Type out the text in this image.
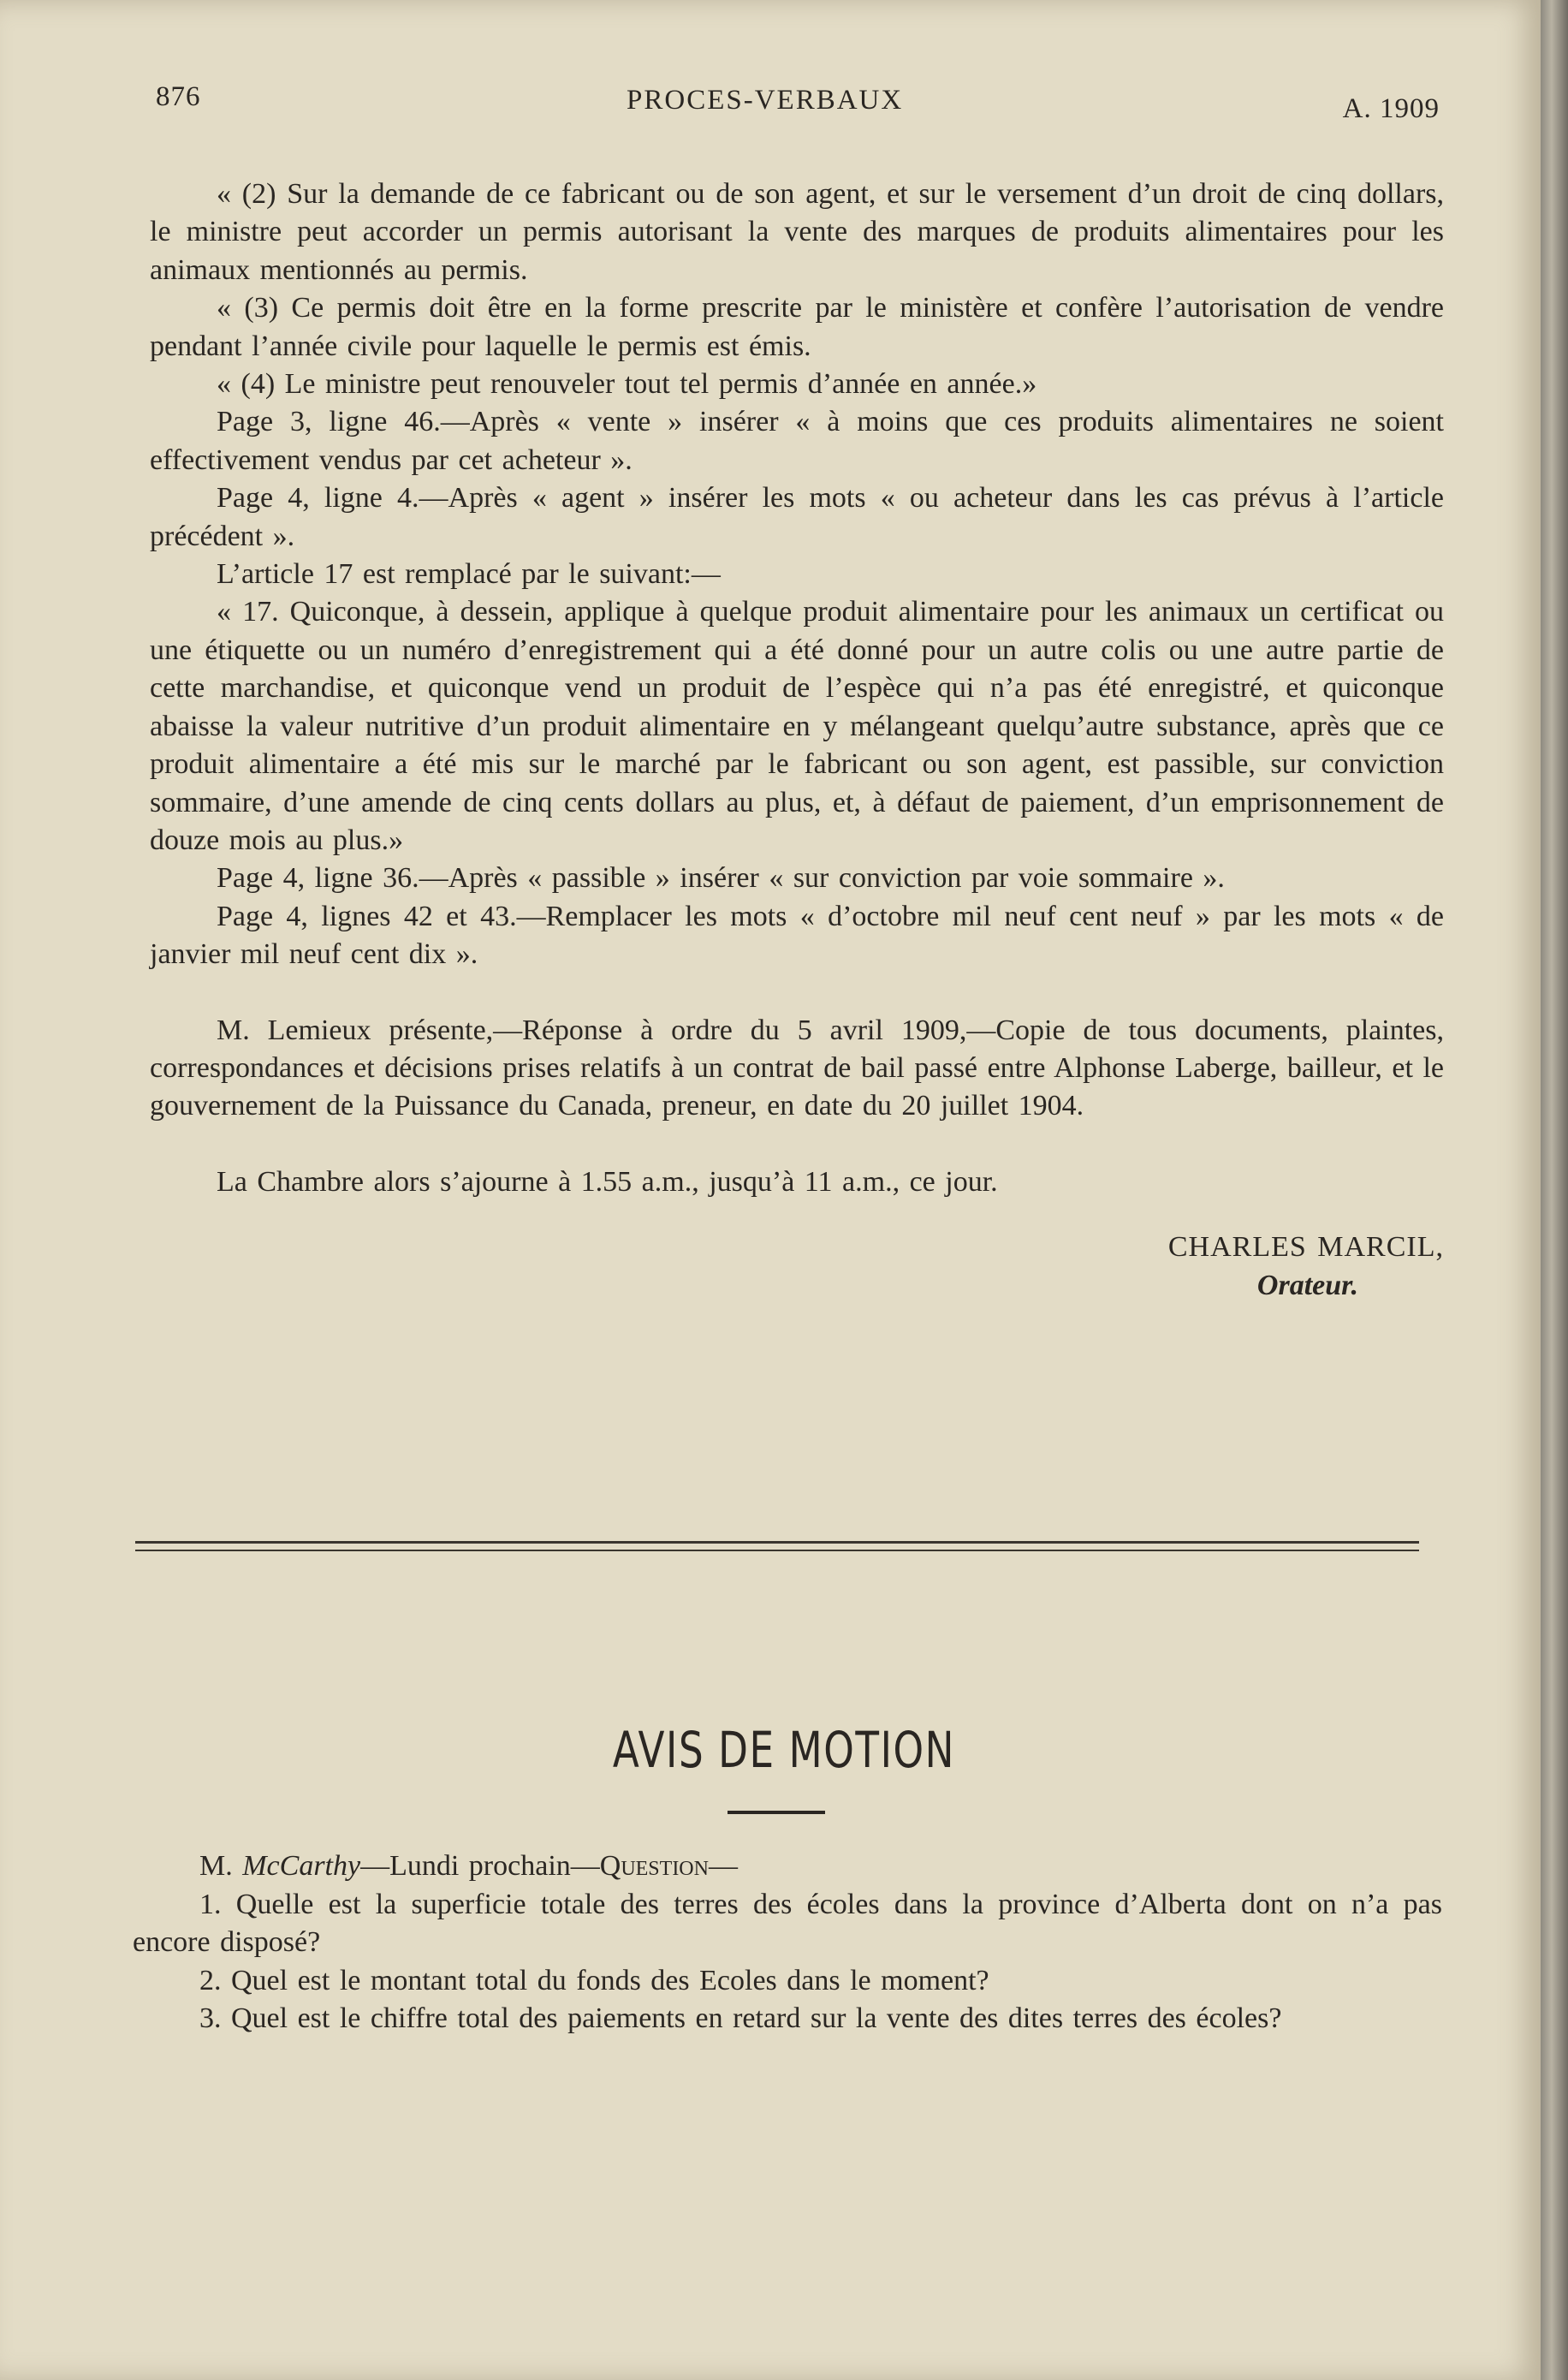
876	PROCES-VERBAUX	A. 1909

« (2) Sur la demande de ce fabricant ou de son agent, et sur le versement d’un droit de cinq dollars, le ministre peut accorder un permis autorisant la vente des marques de produits alimentaires pour les animaux mentionnés au permis.

« (3) Ce permis doit être en la forme prescrite par le ministère et confère l’autorisation de vendre pendant l’année civile pour laquelle le permis est émis.

« (4) Le ministre peut renouveler tout tel permis d’année en année.»

Page 3, ligne 46.—Après « vente » insérer « à moins que ces produits alimentaires ne soient effectivement vendus par cet acheteur ».

Page 4, ligne 4.—Après « agent » insérer les mots « ou acheteur dans les cas prévus à l’article précédent ».

L’article 17 est remplacé par le suivant:—

« 17. Quiconque, à dessein, applique à quelque produit alimentaire pour les animaux un certificat ou une étiquette ou un numéro d’enregistrement qui a été donné pour un autre colis ou une autre partie de cette marchandise, et quiconque vend un produit de l’espèce qui n’a pas été enregistré, et quiconque abaisse la valeur nutritive d’un produit alimentaire en y mélangeant quelqu’autre substance, après que ce produit alimentaire a été mis sur le marché par le fabricant ou son agent, est passible, sur conviction sommaire, d’une amende de cinq cents dollars au plus, et, à défaut de paiement, d’un emprisonnement de douze mois au plus.»

Page 4, ligne 36.—Après « passible » insérer « sur conviction par voie sommaire ».

Page 4, lignes 42 et 43.—Remplacer les mots « d’octobre mil neuf cent neuf » par les mots « de janvier mil neuf cent dix ».

M. Lemieux présente,—Réponse à ordre du 5 avril 1909,—Copie de tous documents, plaintes, correspondances et décisions prises relatifs à un contrat de bail passé entre Alphonse Laberge, bailleur, et le gouvernement de la Puissance du Canada, preneur, en date du 20 juillet 1904.

La Chambre alors s’ajourne à 1.55 a.m., jusqu’à 11 a.m., ce jour.

CHARLES MARCIL,

Orateur.

AVIS DE MOTION

M. McCarthy—Lundi prochain—Question—

1. Quelle est la superficie totale des terres des écoles dans la province d’Alberta dont on n’a pas encore disposé?

2. Quel est le montant total du fonds des Ecoles dans le moment?

3. Quel est le chiffre total des paiements en retard sur la vente des dites terres des écoles?
